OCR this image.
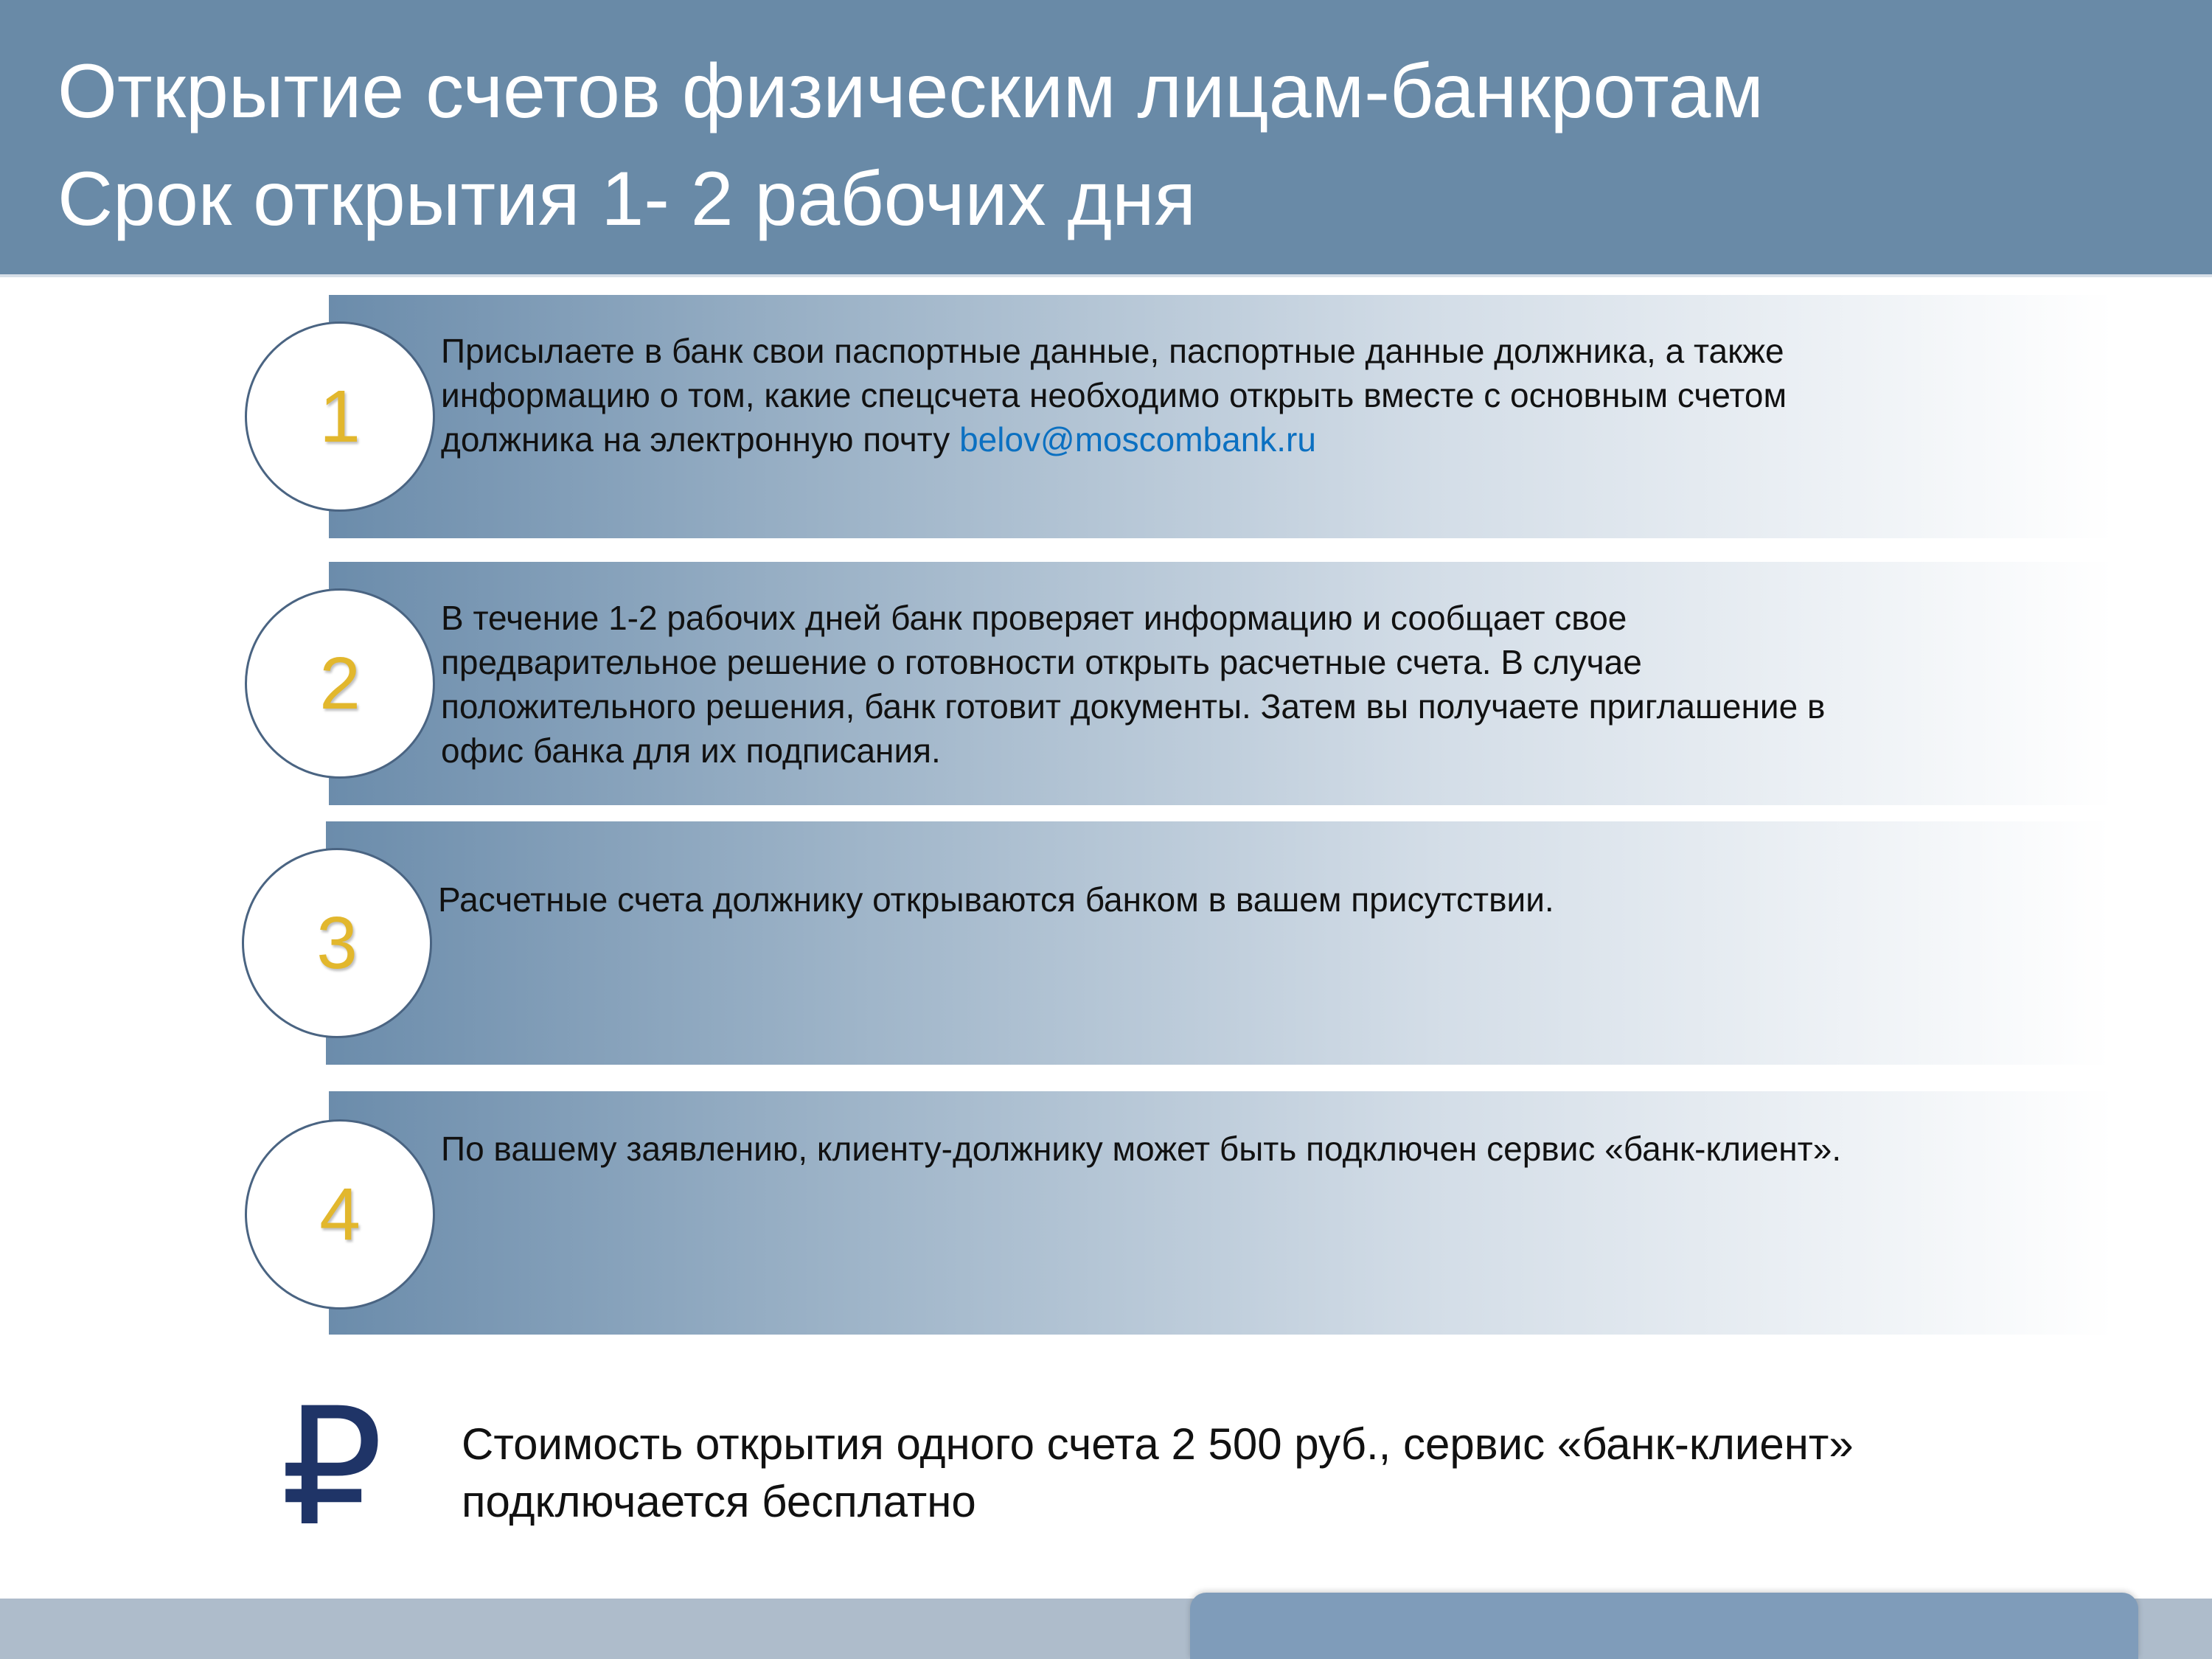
Открытие счетов физическим лицам-банкротам
Срок открытия 1- 2 рабочих дня
1
Присылаете в банк свои паспортные данные, паспортные данные должника, а также информацию о том, какие спецсчета необходимо открыть вместе с основным счетом должника на электронную почту belov@moscombank.ru
2
В течение 1-2 рабочих дней банк проверяет информацию и сообщает свое предварительное решение о готовности открыть расчетные счета. В случае положительного решения, банк готовит документы. Затем вы получаете приглашение в офис банка для их подписания.
3
Расчетные счета должнику открываются банком в вашем присутствии.
4
По вашему заявлению, клиенту-должнику может быть подключен сервис «банк-клиент».
₽ Стоимость открытия одного счета 2 500 руб., сервис «банк-клиент» подключается бесплатно
